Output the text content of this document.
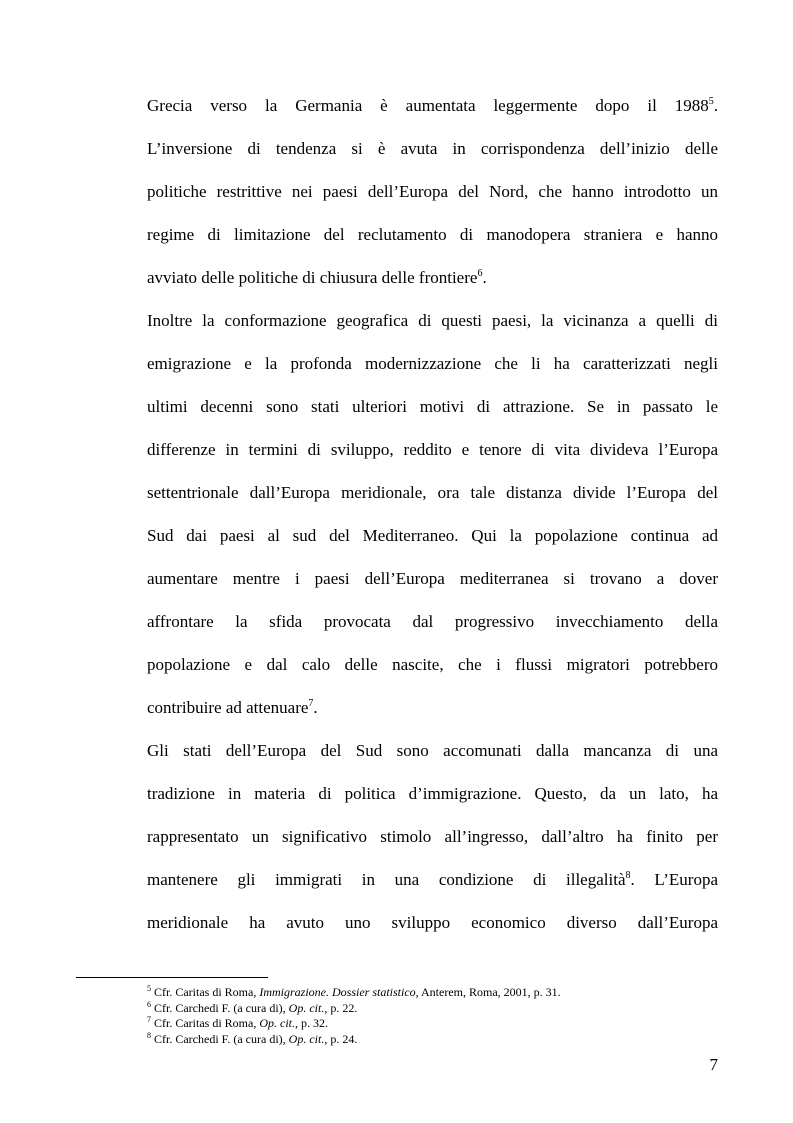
Grecia verso la Germania è aumentata leggermente dopo il 1988$^5$.
L’inversione di tendenza si è avuta in corrispondenza dell’inizio delle
politiche restrittive nei paesi dell’Europa del Nord, che hanno introdotto un
regime di limitazione del reclutamento di manodopera straniera e hanno
avviato delle politiche di chiusura delle frontiere$^6$.
Inoltre la conformazione geografica di questi paesi, la vicinanza a quelli di
emigrazione e la profonda modernizzazione che li ha caratterizzati negli
ultimi decenni sono stati ulteriori motivi di attrazione. Se in passato le
differenze in termini di sviluppo, reddito e tenore di vita divideva l’Europa
settentrionale dall’Europa meridionale, ora tale distanza divide l’Europa del
Sud dai paesi al sud del Mediterraneo. Qui la popolazione continua ad
aumentare mentre i paesi dell’Europa mediterranea si trovano a dover
affrontare la sfida provocata dal progressivo invecchiamento della
popolazione e dal calo delle nascite, che i flussi migratori potrebbero
contribuire ad attenuare$^7$.
Gli stati dell’Europa del Sud sono accomunati dalla mancanza di una
tradizione in materia di politica d’immigrazione. Questo, da un lato, ha
rappresentato un significativo stimolo all’ingresso, dall’altro ha finito per
mantenere gli immigrati in una condizione di illegalità$^8$. L’Europa
meridionale ha avuto uno sviluppo economico diverso dall’Europa
$^5$ Cfr. Caritas di Roma, Immigrazione. Dossier statistico, Anterem, Roma, 2001, p. 31.
$^6$ Cfr. Carchedi F. (a cura di), Op. cit., p. 22.
$^7$ Cfr. Caritas di Roma, Op. cit., p. 32.
$^8$ Cfr. Carchedi F. (a cura di), Op. cit., p. 24.
7
